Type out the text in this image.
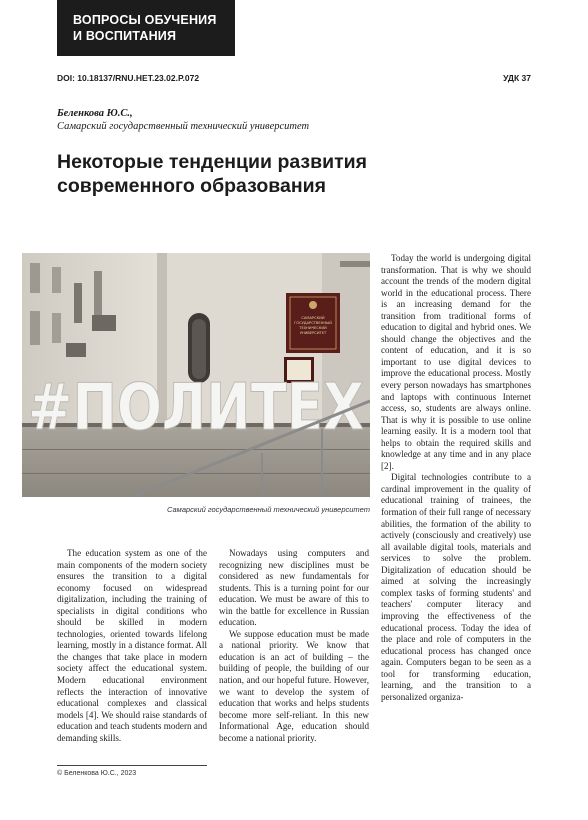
ВОПРОСЫ ОБУЧЕНИЯ
И ВОСПИТАНИЯ
DOI: 10.18137/RNU.HET.23.02.P.072	УДК 37
Беленкова Ю.С.,
Самарский государственный технический университет
Некоторые тенденции развития
современного образования
САМАРСКИЙ
ГОСУДАРСТВЕННЫЙ
ТЕХНИЧЕСКИЙ
УНИВЕРСИТЕТ
#ПОЛИТЕХ
Самарский государственный технический университет

The education system as one of the main components of the modern society ensures the transition to a digital economy focused on widespread digitalization, including the training of specialists in digital conditions who should be skilled in modern technologies, oriented towards lifelong learning, mostly in a distance format. All the changes that take place in modern society affect the educational system. Modern educational environment reflects the interaction of innovative educational complexes and classical models [4]. We should raise standards of education and teach students modern and demanding skills.

Nowadays using computers and recognizing new disciplines must be considered as new fundamentals for students. This is a turning point for our education. We must be aware of this to win the battle for excellence in Russian education.

We suppose education must be made a national priority. We know that education is an act of building – the building of people, the building of our nation, and our hopeful future. However, we want to develop the system of education that works and helps students become more self-reliant. In this new Informational Age, education should become a national priority.

Today the world is undergoing digital transformation. That is why we should account the trends of the modern digital world in the educational process. There is an increasing demand for the transition from traditional forms of education to digital and hybrid ones. We should change the objectives and the content of education, and it is so important to use digital devices to improve the educational process. Mostly every person nowadays has smartphones and laptops with continuous Internet access, so, students are always online. That is why it is possible to use online learning easily. It is a modern tool that helps to obtain the required skills and knowledge at any time and in any place [2].

Digital technologies contribute to a cardinal improvement in the quality of educational training of trainees, the formation of their full range of necessary abilities, the formation of the ability to actively (consciously and creatively) use all available digital tools, materials and services to solve the problem. Digitalization of education should be aimed at solving the increasingly complex tasks of forming students' and teachers' computer literacy and improving the effectiveness of the educational process. Today the idea of the place and role of computers in the educational process has changed once again. Computers began to be seen as a tool for transforming education, learning, and the transition to a personalized organiza-

© Беленкова Ю.С., 2023
